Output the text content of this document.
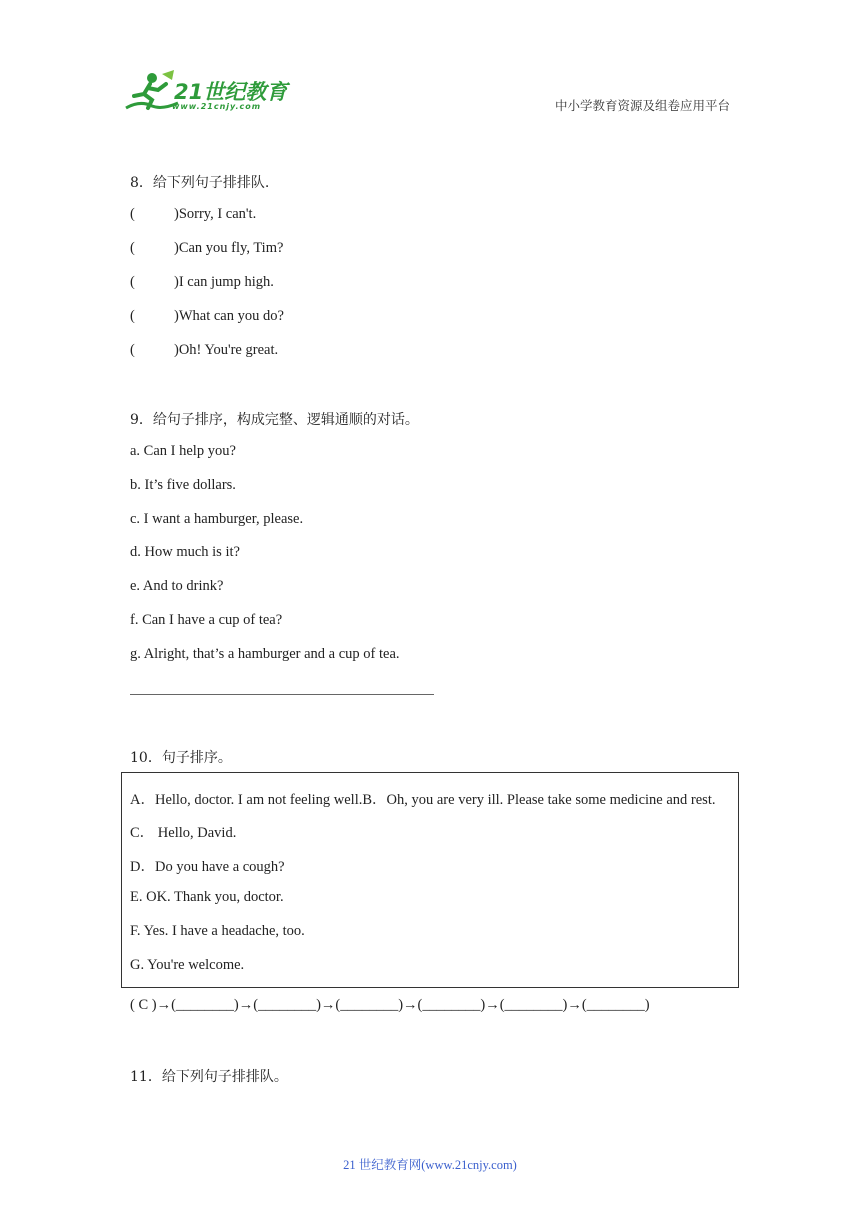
21世纪教育
www.21cnjy.com	中小学教育资源及组卷应用平台
8．给下列句子排排队.
(	)Sorry, I can't.
(	)Can you fly, Tim?
(	)I can jump high.
(	)What can you do?
(	)Oh! You're great.
9．给句子排序，构成完整、逻辑通顺的对话。
a. Can I help you?
b. It’s five dollars.
c. I want a hamburger, please.
d. How much is it?
e. And to drink?
f. Can I have a cup of tea?
g. Alright, that’s a hamburger and a cup of tea.
10．句子排序。
A．Hello, doctor. I am not feeling well.B．Oh, you are very ill. Please take some medicine and rest.
C． Hello, David.
D．Do you have a cough?
E. OK. Thank you, doctor.
F. Yes. I have a headache, too.
G. You're welcome.
( C )→(________)→(________)→(________)→(________)→(________)→(________)
11．给下列句子排排队。
21 世纪教育网(www.21cnjy.com)
